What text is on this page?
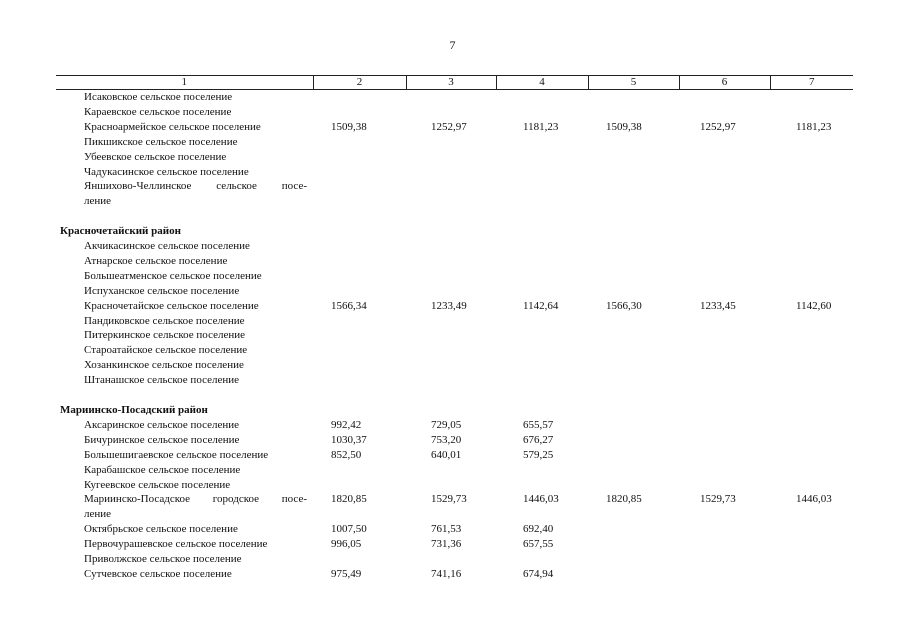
7
1	2	3	4	5	6	7
Исаковское сельское поселение						
Караевское сельское поселение						
Красноармейское сельское поселение	1509,38	1252,97	1181,23	1509,38	1252,97	1181,23
Пикшикское сельское поселение						
Убеевское сельское поселение						
Чадукасинское сельское поселение						

Яншихово-Челлинское сельское посе-
ление						

Красночетайский район						
Акчикасинское сельское поселение						
Атнарское сельское поселение						
Большеатменское сельское поселение						
Испуханское сельское поселение						
Красночетайское сельское поселение	1566,34	1233,49	1142,64	1566,30	1233,45	1142,60
Пандиковское сельское поселение						
Питеркинское сельское поселение						
Староатайское сельское поселение						
Хозанкинское сельское поселение						
Штанашское сельское поселение						

Мариинско-Посадский район						
Аксаринское сельское поселение	992,42	729,05	655,57			
Бичуринское сельское поселение	1030,37	753,20	676,27			
Большешигаевское сельское поселение	852,50	640,01	579,25			
Карабашское сельское поселение						
Кугеевское сельское поселение						

Мариинско-Посадское городское посе-
ление	1820,85	1529,73	1446,03	1820,85	1529,73	1446,03
Октябрьское сельское поселение	1007,50	761,53	692,40			
Первочурашевское сельское поселение	996,05	731,36	657,55			
Приволжское сельское поселение						
Сутчевское сельское поселение	975,49	741,16	674,94			
